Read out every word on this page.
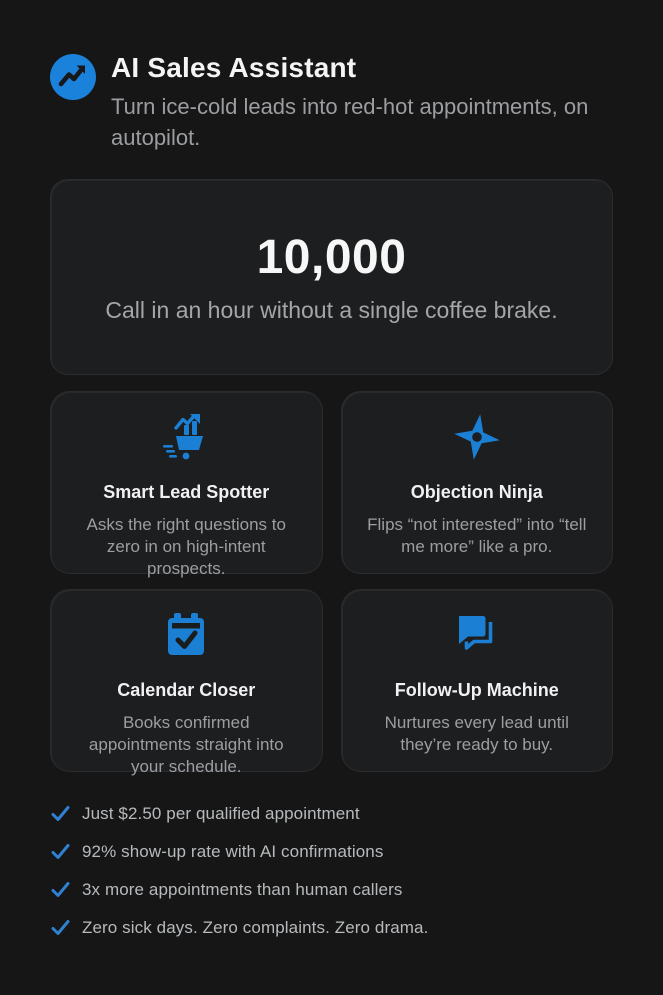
AI Sales Assistant
Turn ice-cold leads into red-hot appointments, on autopilot.
10,000
Call in an hour without a single coffee brake.
Smart Lead Spotter
Asks the right questions to zero in on high-intent prospects.
Objection Ninja
Flips “not interested” into “tell me more” like a pro.
Calendar Closer
Books confirmed appointments straight into your schedule.
Follow-Up Machine
Nurtures every lead until they’re ready to buy.
Just $2.50 per qualified appointment
92% show-up rate with AI confirmations
3x more appointments than human callers
Zero sick days. Zero complaints. Zero drama.
